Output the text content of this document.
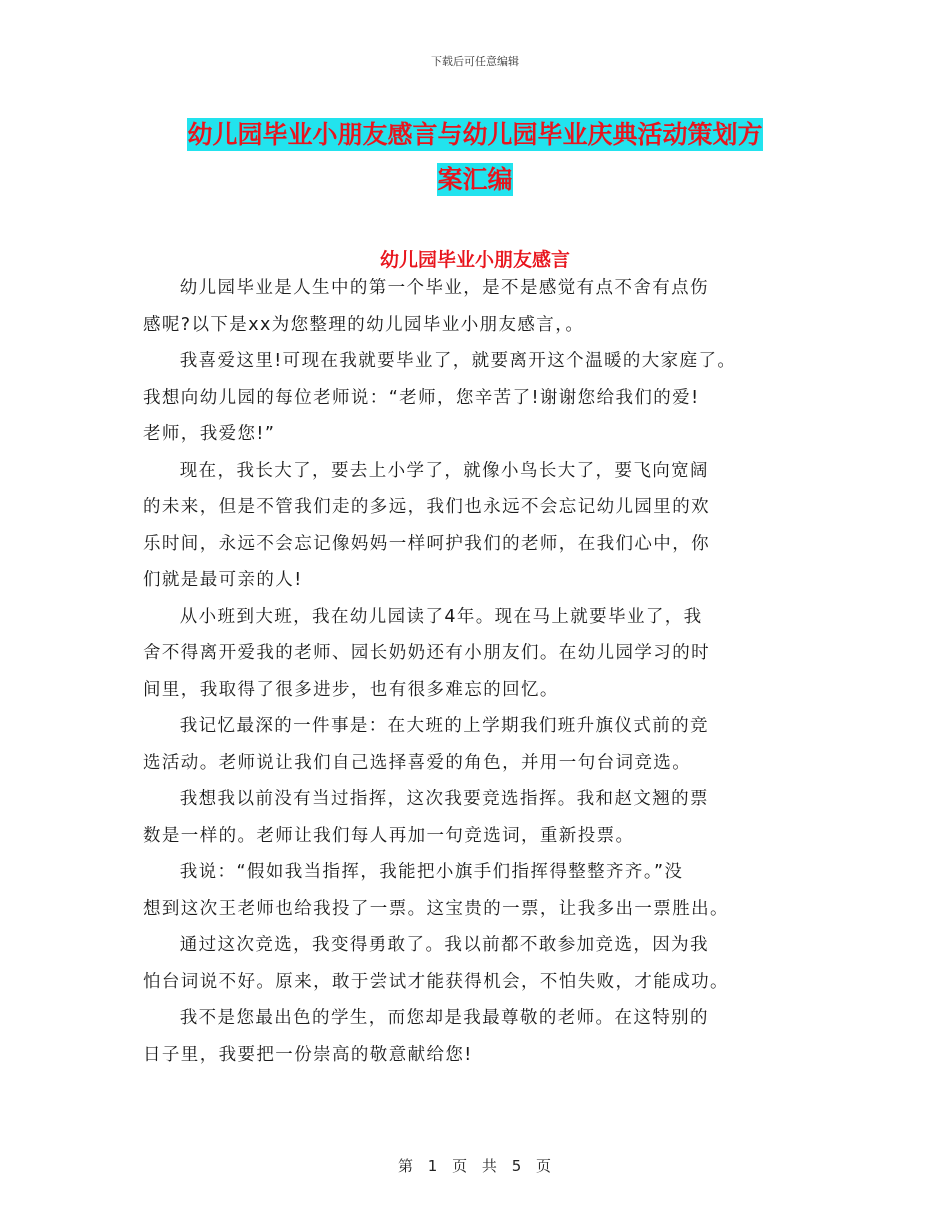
下载后可任意编辑
幼儿园毕业小朋友感言与幼儿园毕业庆典活动策划方
案汇编
幼儿园毕业小朋友感言

幼儿园毕业是人生中的第一个毕业，是不是感觉有点不舍有点伤
感呢?以下是xx为您整理的幼儿园毕业小朋友感言，。

我喜爱这里!可现在我就要毕业了，就要离开这个温暖的大家庭了。
我想向幼儿园的每位老师说：“老师，您辛苦了!谢谢您给我们的爱!
老师，我爱您!”

现在，我长大了，要去上小学了，就像小鸟长大了，要飞向宽阔
的未来，但是不管我们走的多远，我们也永远不会忘记幼儿园里的欢
乐时间，永远不会忘记像妈妈一样呵护我们的老师，在我们心中，你
们就是最可亲的人!

从小班到大班，我在幼儿园读了4年。现在马上就要毕业了，我
舍不得离开爱我的老师、园长奶奶还有小朋友们。在幼儿园学习的时
间里，我取得了很多进步，也有很多难忘的回忆。

我记忆最深的一件事是：在大班的上学期我们班升旗仪式前的竞
选活动。老师说让我们自己选择喜爱的角色，并用一句台词竞选。

我想我以前没有当过指挥，这次我要竞选指挥。我和赵文翘的票
数是一样的。老师让我们每人再加一句竞选词，重新投票。

我说：“假如我当指挥，我能把小旗手们指挥得整整齐齐。”没
想到这次王老师也给我投了一票。这宝贵的一票，让我多出一票胜出。

通过这次竞选，我变得勇敢了。我以前都不敢参加竞选，因为我
怕台词说不好。原来，敢于尝试才能获得机会，不怕失败，才能成功。

我不是您最出色的学生，而您却是我最尊敬的老师。在这特别的
日子里，我要把一份崇高的敬意献给您!

第 1 页 共 5 页
